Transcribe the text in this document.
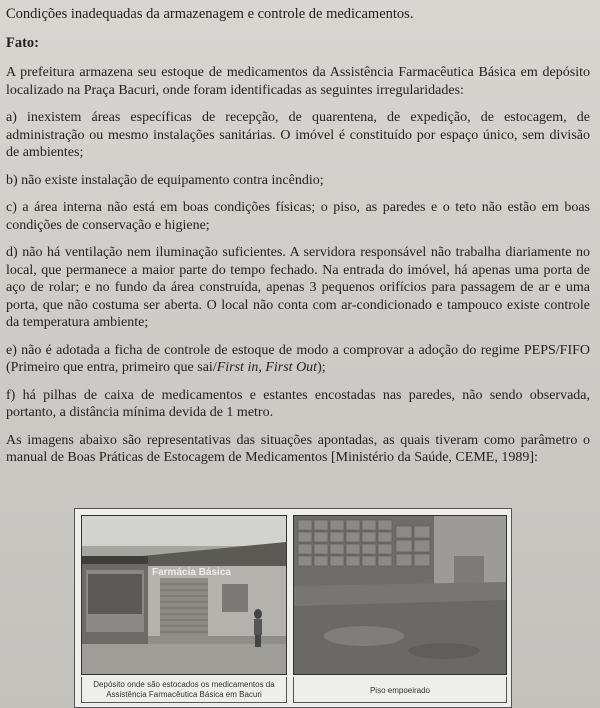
Condições inadequadas da armazenagem e controle de medicamentos.
Fato:

A prefeitura armazena seu estoque de medicamentos da Assistência Farmacêutica Básica em depósito localizado na Praça Bacuri, onde foram identificadas as seguintes irregularidades:

a) inexistem áreas específicas de recepção, de quarentena, de expedição, de estocagem, de administração ou mesmo instalações sanitárias. O imóvel é constituído por espaço único, sem divisão de ambientes;

b) não existe instalação de equipamento contra incêndio;

c) a área interna não está em boas condições físicas; o piso, as paredes e o teto não estão em boas condições de conservação e higiene;

d) não há ventilação nem iluminação suficientes. A servidora responsável não trabalha diariamente no local, que permanece a maior parte do tempo fechado. Na entrada do imóvel, há apenas uma porta de aço de rolar; e no fundo da área construída, apenas 3 pequenos orifícios para passagem de ar e uma porta, que não costuma ser aberta. O local não conta com ar-condicionado e tampouco existe controle da temperatura ambiente;

e) não é adotada a ficha de controle de estoque de modo a comprovar a adoção do regime PEPS/FIFO (Primeiro que entra, primeiro que sai/First in, First Out);

f) há pilhas de caixa de medicamentos e estantes encostadas nas paredes, não sendo observada, portanto, a distância mínima devida de 1 metro.

As imagens abaixo são representativas das situações apontadas, as quais tiveram como parâmetro o manual de Boas Práticas de Estocagem de Medicamentos [Ministério da Saúde, CEME, 1989]:

Farmácia Básica
Depósito onde são estocados os medicamentos da Assistência Farmacêutica Básica em Bacuri	Piso empoeirado
